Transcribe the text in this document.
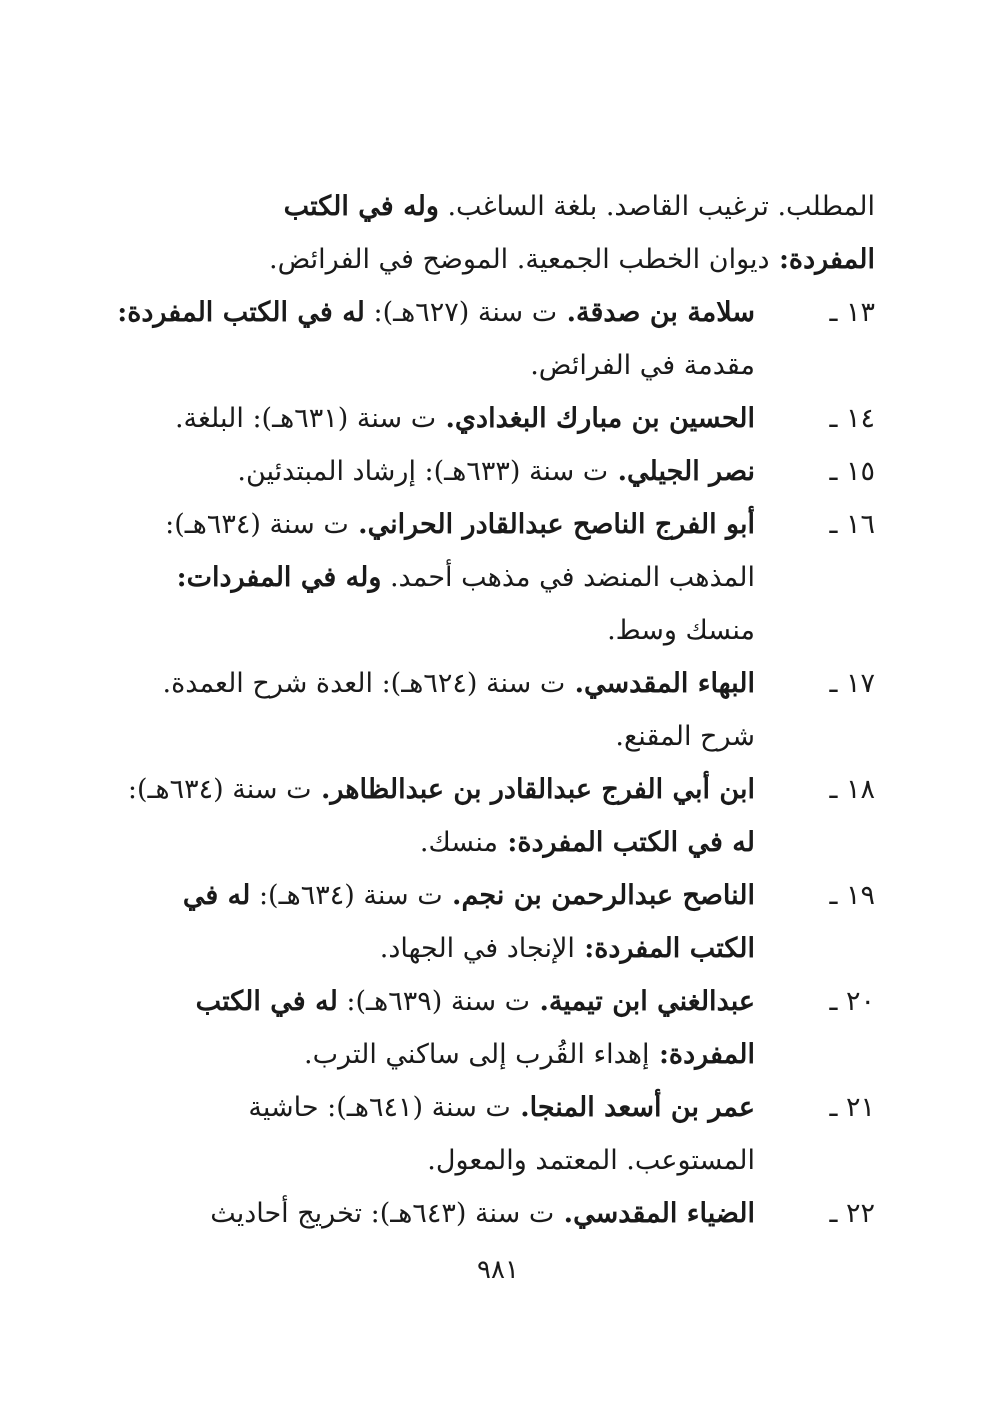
المطلب. ترغيب القاصد. بلغة الساغب. وله في الكتب
المفردة: ديوان الخطب الجمعية. الموضح في الفرائض.
١٣ ـ
سلامة بن صدقة. ت سنة (٦٢٧هـ): له في الكتب المفردة:
مقدمة في الفرائض.
١٤ ـ
الحسين بن مبارك البغدادي. ت سنة (٦٣١هـ): البلغة.
١٥ ـ
نصر الجيلي. ت سنة (٦٣٣هـ): إرشاد المبتدئين.
١٦ ـ
أبو الفرج الناصح عبدالقادر الحراني. ت سنة (٦٣٤هـ):
المذهب المنضد في مذهب أحمد. وله في المفردات:
منسك وسط.
١٧ ـ
البهاء المقدسي. ت سنة (٦٢٤هـ): العدة شرح العمدة.
شرح المقنع.
١٨ ـ
ابن أبي الفرج عبدالقادر بن عبدالظاهر. ت سنة (٦٣٤هـ):
له في الكتب المفردة: منسك.
١٩ ـ
الناصح عبدالرحمن بن نجم. ت سنة (٦٣٤هـ): له في
الكتب المفردة: الإنجاد في الجهاد.
٢٠ ـ
عبدالغني ابن تيمية. ت سنة (٦٣٩هـ): له في الكتب
المفردة: إهداء القُرب إلى ساكني الترب.
٢١ ـ
عمر بن أسعد المنجا. ت سنة (٦٤١هـ): حاشية
المستوعب. المعتمد والمعول.
٢٢ ـ
الضياء المقدسي. ت سنة (٦٤٣هـ): تخريج أحاديث
٩٨١
